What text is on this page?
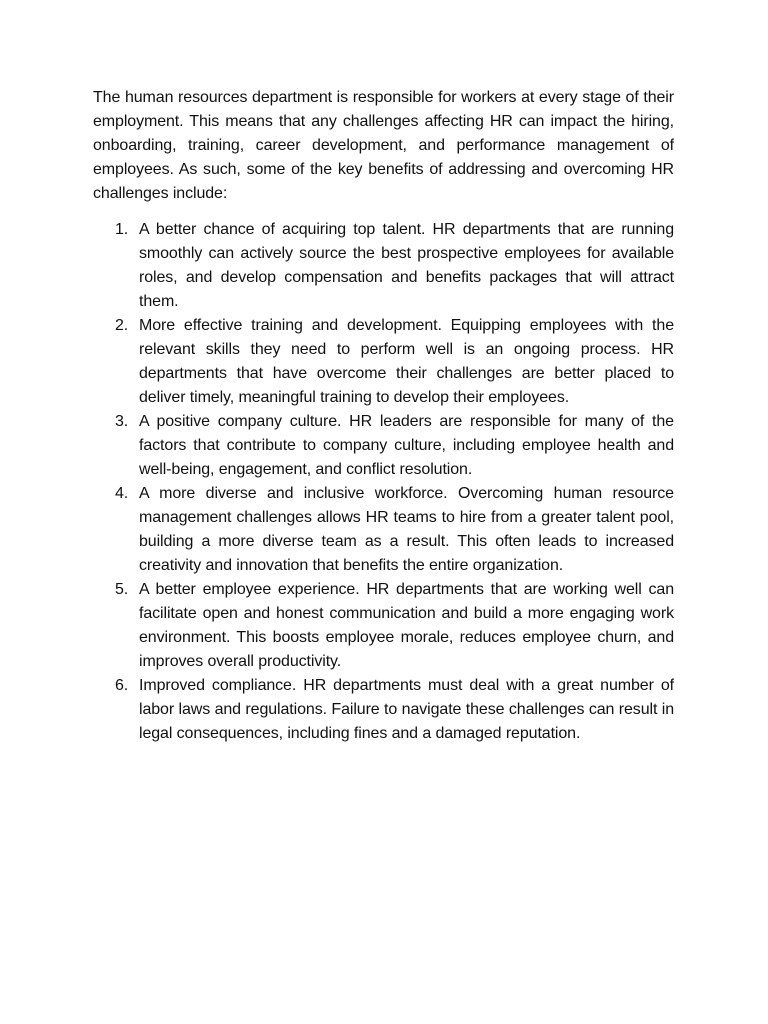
The human resources department is responsible for workers at every stage of their employment. This means that any challenges affecting HR can impact the hiring, onboarding, training, career development, and performance management of employees. As such, some of the key benefits of addressing and overcoming HR challenges include:

1. A better chance of acquiring top talent. HR departments that are running smoothly can actively source the best prospective employees for available roles, and develop compensation and benefits packages that will attract them.
2. More effective training and development. Equipping employees with the relevant skills they need to perform well is an ongoing process. HR departments that have overcome their challenges are better placed to deliver timely, meaningful training to develop their employees.
3. A positive company culture. HR leaders are responsible for many of the factors that contribute to company culture, including employee health and well-being, engagement, and conflict resolution.
4. A more diverse and inclusive workforce. Overcoming human resource management challenges allows HR teams to hire from a greater talent pool, building a more diverse team as a result. This often leads to increased creativity and innovation that benefits the entire organization.
5. A better employee experience. HR departments that are working well can facilitate open and honest communication and build a more engaging work environment. This boosts employee morale, reduces employee churn, and improves overall productivity.
6. Improved compliance. HR departments must deal with a great number of labor laws and regulations. Failure to navigate these challenges can result in legal consequences, including fines and a damaged reputation.
